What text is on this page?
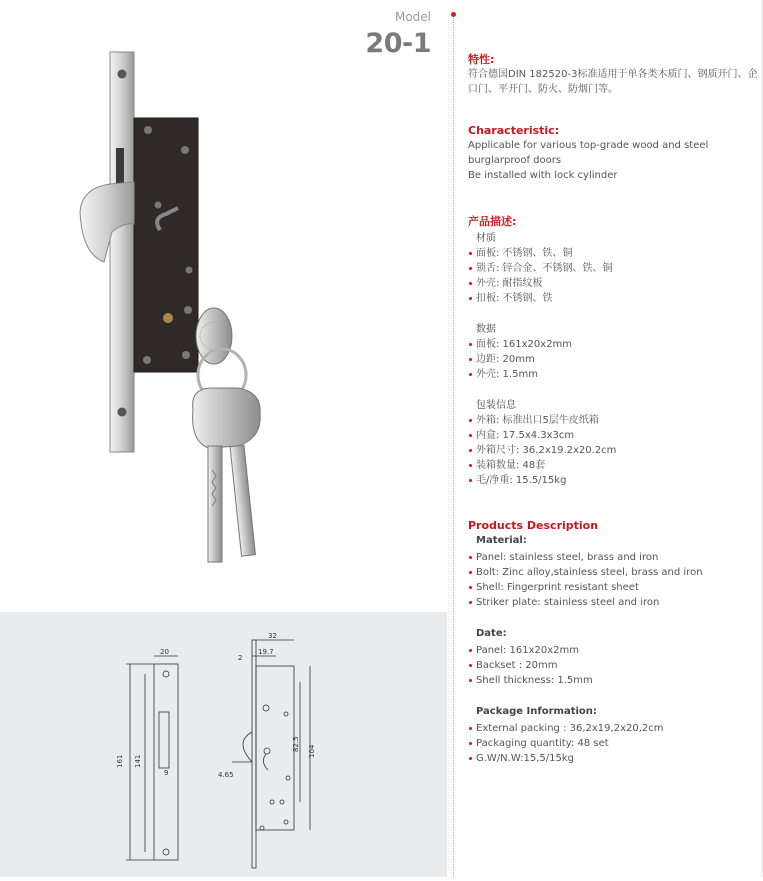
20
161 141
9
32
19.7
2
82.5 104
4.65
Model
20-1
特性:
符合德国DIN 182520-3标准适用于单各类木质门、钢质开门、企口门、平开门、防火、防烟门等。
Characteristic:
Applicable for various top-grade wood and steel
burglarproof doors
Be installed with lock cylinder
产品描述:
材质
面板: 不锈钢、铁、铜
锁舌: 锌合金、不锈钢、铁、铜
外壳: 耐指纹板
扣板: 不锈钢、铁
数据
面板: 161x20x2mm
边距: 20mm
外壳: 1.5mm
包装信息
外箱: 标准出口5层牛皮纸箱
内盒: 17.5x4.3x3cm
外箱尺寸: 36.2x19.2x20.2cm
装箱数量: 48套
毛/净重: 15.5/15kg
Products Description
Material:
Panel: stainless steel, brass and iron
Bolt: Zinc alloy,stainless steel, brass and iron
Shell: Fingerprint resistant sheet
Striker plate: stainless steel and iron
Date:
Panel: 161x20x2mm
Backset : 20mm
Shell thickness: 1.5mm
Package Information:
External packing : 36,2x19,2x20,2cm
Packaging quantity: 48 set
G.W/N.W:15,5/15kg
